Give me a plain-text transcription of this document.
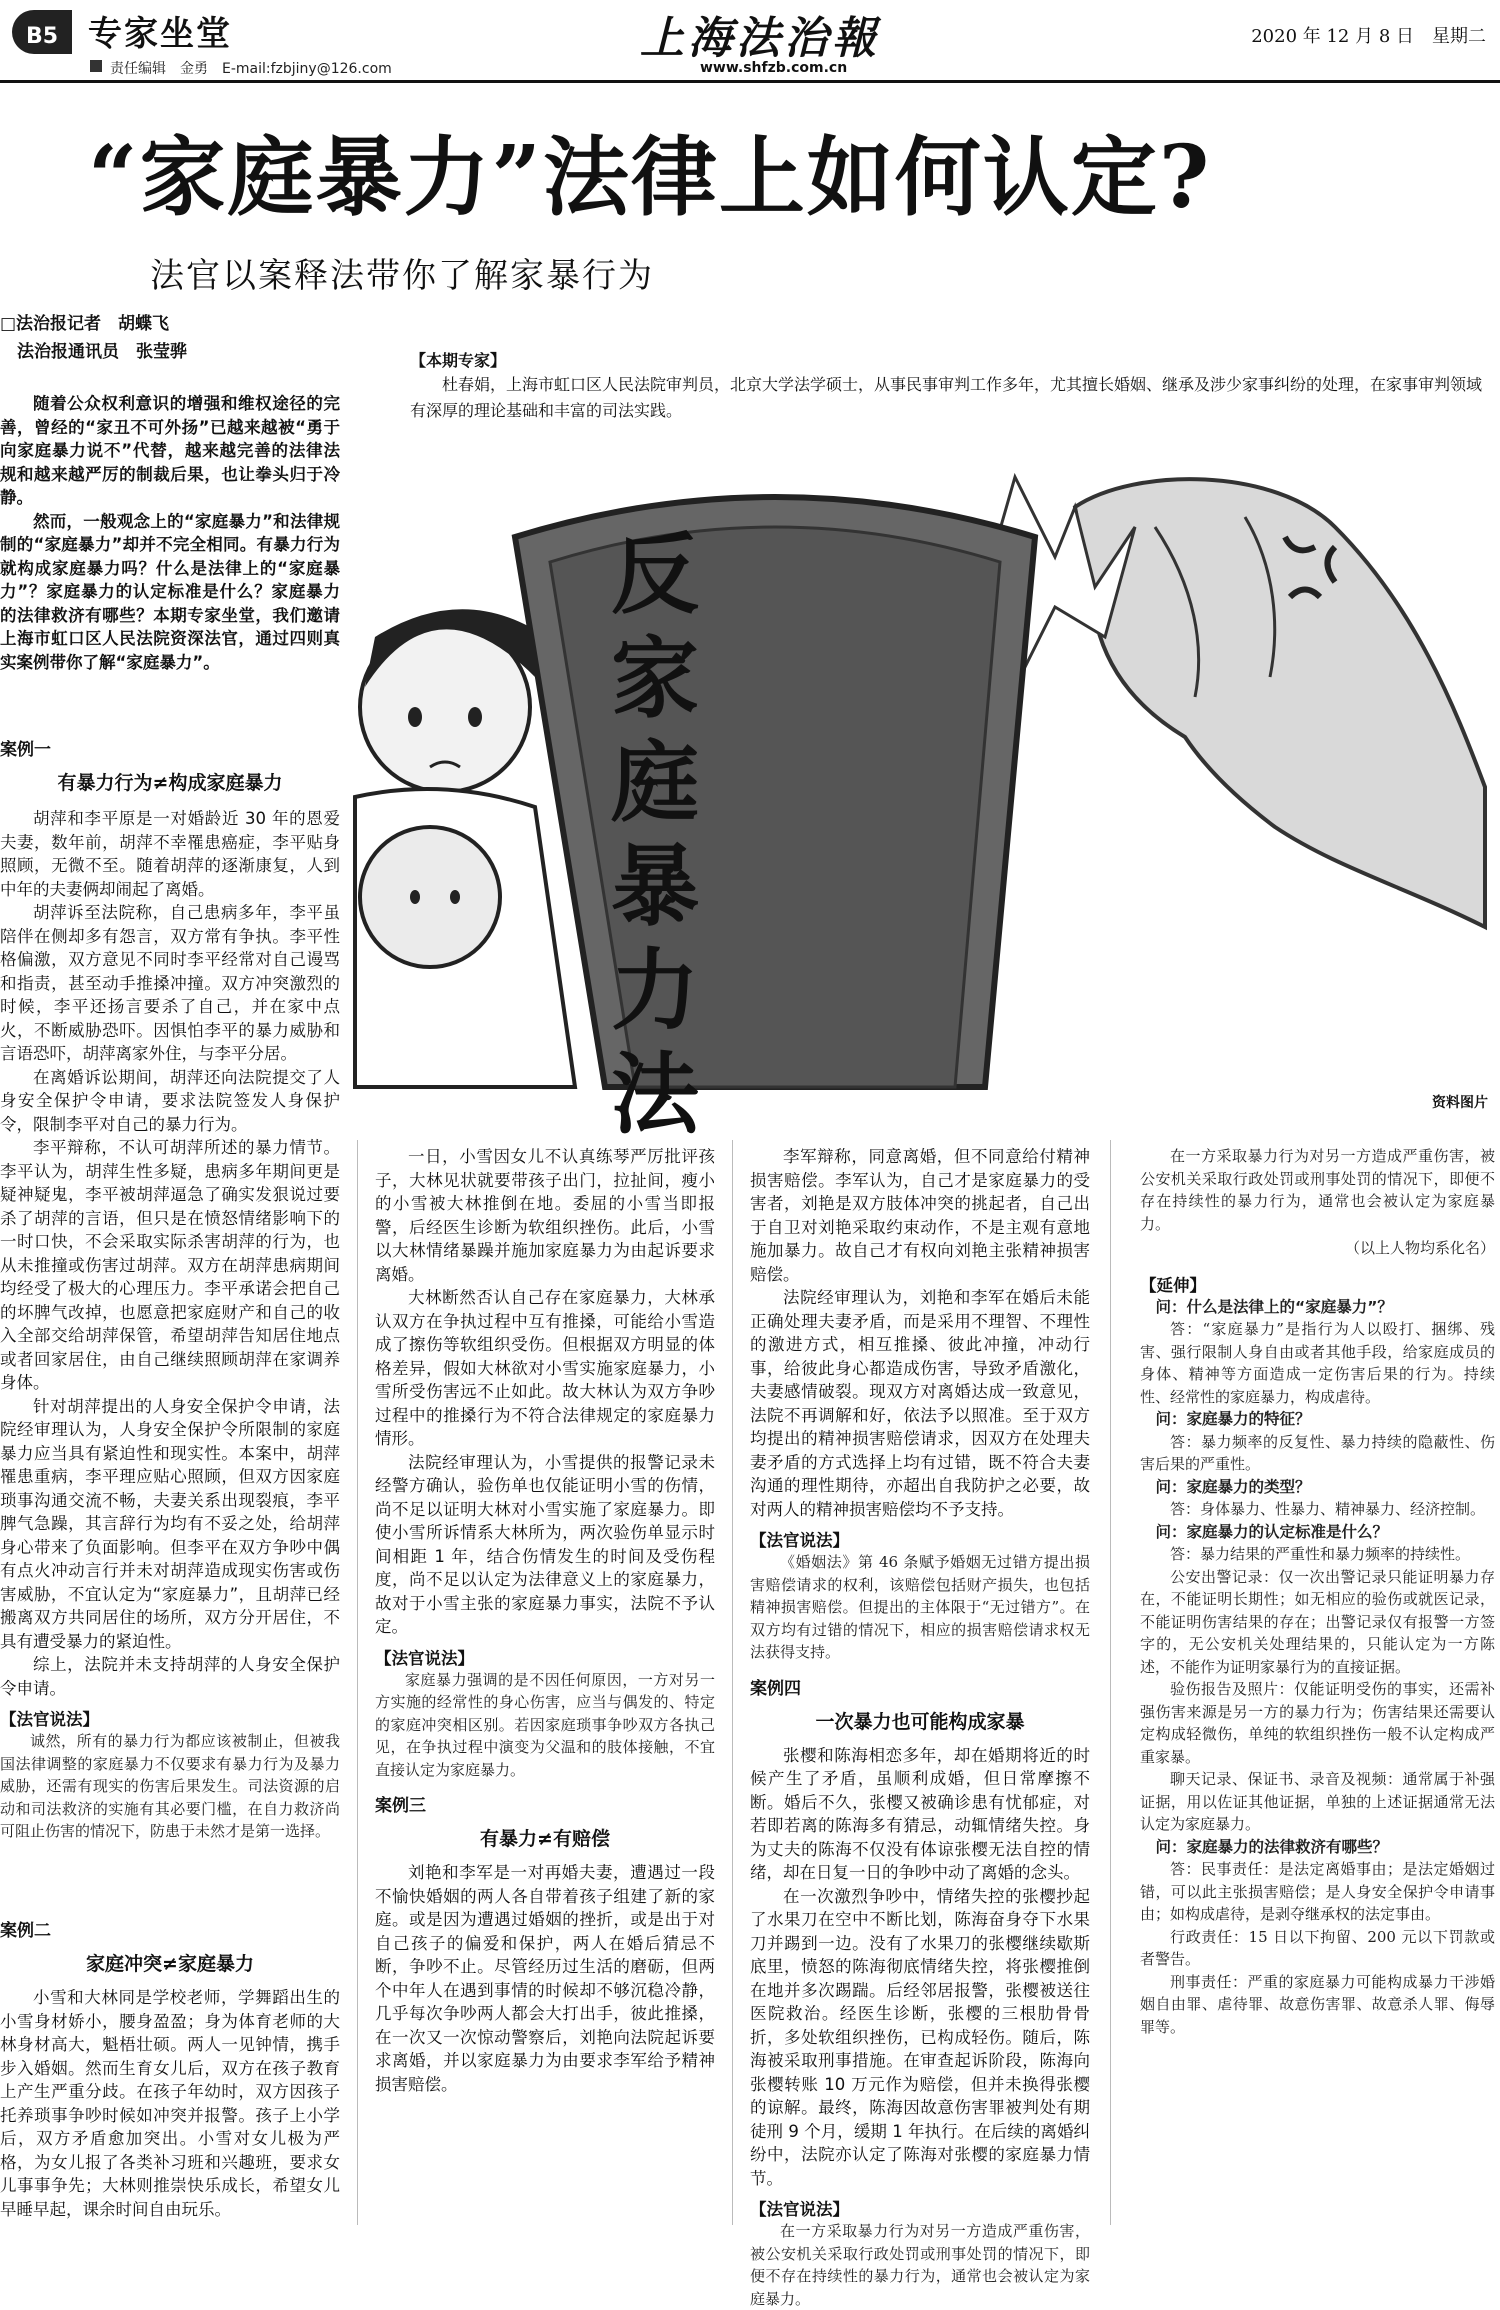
B5 专家坐堂
责任编辑　金勇　E-mail:fzbjiny@126.com
上海法治報
www.shfzb.com.cn
2020 年 12 月 8 日　星期二
“家庭暴力”法律上如何认定?
法官以案释法带你了解家暴行为
□法治报记者　胡蝶飞
　法治报通讯员　张莹骅	【本期专家】
杜春娟，上海市虹口区人民法院审判员，北京大学法学硕士，从事民事审判工作多年，尤其擅长婚姻、继承及涉少家事纠纷的处理，在家事审判领域有深厚的理论基础和丰富的司法实践。

随着公众权利意识的增强和维权途径的完善，曾经的“家丑不可外扬”已越来越被“勇于向家庭暴力说不”代替，越来越完善的法律法规和越来越严厉的制裁后果，也让拳头归于冷静。

然而，一般观念上的“家庭暴力”和法律规制的“家庭暴力”却并不完全相同。有暴力行为就构成家庭暴力吗？什么是法律上的“家庭暴力”？家庭暴力的认定标准是什么？家庭暴力的法律救济有哪些？本期专家坐堂，我们邀请上海市虹口区人民法院资深法官，通过四则真实案例带你了解“家庭暴力”。

反
家
庭
暴
力
法	资料图片
案例一
有暴力行为≠构成家庭暴力

胡萍和李平原是一对婚龄近 30 年的恩爱夫妻，数年前，胡萍不幸罹患癌症，李平贴身照顾，无微不至。随着胡萍的逐渐康复，人到中年的夫妻俩却闹起了离婚。

胡萍诉至法院称，自己患病多年，李平虽陪伴在侧却多有怨言，双方常有争执。李平性格偏激，双方意见不同时李平经常对自己谩骂和指责，甚至动手推搡冲撞。双方冲突激烈的时候，李平还扬言要杀了自己，并在家中点火，不断威胁恐吓。因惧怕李平的暴力威胁和言语恐吓，胡萍离家外住，与李平分居。

在离婚诉讼期间，胡萍还向法院提交了人身安全保护令申请，要求法院签发人身保护令，限制李平对自己的暴力行为。

李平辩称，不认可胡萍所述的暴力情节。李平认为，胡萍生性多疑，患病多年期间更是疑神疑鬼，李平被胡萍逼急了确实发狠说过要杀了胡萍的言语，但只是在愤怒情绪影响下的一时口快，不会采取实际杀害胡萍的行为，也从未推撞或伤害过胡萍。双方在胡萍患病期间均经受了极大的心理压力。李平承诺会把自己的坏脾气改掉，也愿意把家庭财产和自己的收入全部交给胡萍保管，希望胡萍告知居住地点或者回家居住，由自己继续照顾胡萍在家调养身体。

针对胡萍提出的人身安全保护令申请，法院经审理认为，人身安全保护令所限制的家庭暴力应当具有紧迫性和现实性。本案中，胡萍罹患重病，李平理应贴心照顾，但双方因家庭琐事沟通交流不畅，夫妻关系出现裂痕，李平脾气急躁，其言辞行为均有不妥之处，给胡萍身心带来了负面影响。但李平在双方争吵中偶有点火冲动言行并未对胡萍造成现实伤害或伤害威胁，不宜认定为“家庭暴力”，且胡萍已经搬离双方共同居住的场所，双方分开居住，不具有遭受暴力的紧迫性。

综上，法院并未支持胡萍的人身安全保护令申请。

【法官说法】

诚然，所有的暴力行为都应该被制止，但被我国法律调整的家庭暴力不仅要求有暴力行为及暴力威胁，还需有现实的伤害后果发生。司法资源的启动和司法救济的实施有其必要门槛，在自力救济尚可阻止伤害的情况下，防患于未然才是第一选择。

案例二
家庭冲突≠家庭暴力

小雪和大林同是学校老师，学舞蹈出生的小雪身材娇小，腰身盈盈；身为体育老师的大林身材高大，魁梧壮硕。两人一见钟情，携手步入婚姻。然而生育女儿后，双方在孩子教育上产生严重分歧。在孩子年幼时，双方因孩子托养琐事争吵时候如冲突并报警。孩子上小学后，双方矛盾愈加突出。小雪对女儿极为严格，为女儿报了各类补习班和兴趣班，要求女儿事事争先；大林则推崇快乐成长，希望女儿早睡早起，课余时间自由玩乐。

一日，小雪因女儿不认真练琴严厉批评孩子，大林见状就要带孩子出门，拉扯间，瘦小的小雪被大林推倒在地。委屈的小雪当即报警，后经医生诊断为软组织挫伤。此后，小雪以大林情绪暴躁并施加家庭暴力为由起诉要求离婚。

大林断然否认自己存在家庭暴力，大林承认双方在争执过程中互有推搡，可能给小雪造成了擦伤等软组织受伤。但根据双方明显的体格差异，假如大林欲对小雪实施家庭暴力，小雪所受伤害远不止如此。故大林认为双方争吵过程中的推搡行为不符合法律规定的家庭暴力情形。

法院经审理认为，小雪提供的报警记录未经警方确认，验伤单也仅能证明小雪的伤情，尚不足以证明大林对小雪实施了家庭暴力。即使小雪所诉情系大林所为，两次验伤单显示时间相距 1 年，结合伤情发生的时间及受伤程度，尚不足以认定为法律意义上的家庭暴力，故对于小雪主张的家庭暴力事实，法院不予认定。

【法官说法】

家庭暴力强调的是不因任何原因，一方对另一方实施的经常性的身心伤害，应当与偶发的、特定的家庭冲突相区别。若因家庭琐事争吵双方各执己见，在争执过程中演变为父温和的肢体接触，不宜直接认定为家庭暴力。

案例三
有暴力≠有赔偿

刘艳和李军是一对再婚夫妻，遭遇过一段不愉快婚姻的两人各自带着孩子组建了新的家庭。或是因为遭遇过婚姻的挫折，或是出于对自己孩子的偏爱和保护，两人在婚后猜忌不断，争吵不止。尽管经历过生活的磨砺，但两个中年人在遇到事情的时候却不够沉稳冷静，几乎每次争吵两人都会大打出手，彼此推搡，在一次又一次惊动警察后，刘艳向法院起诉要求离婚，并以家庭暴力为由要求李军给予精神损害赔偿。

李军辩称，同意离婚，但不同意给付精神损害赔偿。李军认为，自己才是家庭暴力的受害者，刘艳是双方肢体冲突的挑起者，自己出于自卫对刘艳采取约束动作，不是主观有意地施加暴力。故自己才有权向刘艳主张精神损害赔偿。

法院经审理认为，刘艳和李军在婚后未能正确处理夫妻矛盾，而是采用不理智、不理性的激进方式，相互推搡、彼此冲撞，冲动行事，给彼此身心都造成伤害，导致矛盾激化，夫妻感情破裂。现双方对离婚达成一致意见，法院不再调解和好，依法予以照准。至于双方均提出的精神损害赔偿请求，因双方在处理夫妻矛盾的方式选择上均有过错，既不符合夫妻沟通的理性期待，亦超出自我防护之必要，故对两人的精神损害赔偿均不予支持。

【法官说法】

《婚姻法》第 46 条赋予婚姻无过错方提出损害赔偿请求的权利，该赔偿包括财产损失，也包括精神损害赔偿。但提出的主体限于“无过错方”。在双方均有过错的情况下，相应的损害赔偿请求权无法获得支持。

案例四
一次暴力也可能构成家暴

张樱和陈海相恋多年，却在婚期将近的时候产生了矛盾，虽顺利成婚，但日常摩擦不断。婚后不久，张樱又被确诊患有忧郁症，对若即若离的陈海多有猜忌，动辄情绪失控。身为丈夫的陈海不仅没有体谅张樱无法自控的情绪，却在日复一日的争吵中动了离婚的念头。

在一次激烈争吵中，情绪失控的张樱抄起了水果刀在空中不断比划，陈海奋身夺下水果刀并踢到一边。没有了水果刀的张樱继续歇斯底里，愤怒的陈海彻底情绪失控，将张樱推倒在地并多次踢踹。后经邻居报警，张樱被送往医院救治。经医生诊断，张樱的三根肋骨骨折，多处软组织挫伤，已构成轻伤。随后，陈海被采取刑事措施。在审查起诉阶段，陈海向张樱转账 10 万元作为赔偿，但并未换得张樱的谅解。最终，陈海因故意伤害罪被判处有期徒刑 9 个月，缓期 1 年执行。在后续的离婚纠纷中，法院亦认定了陈海对张樱的家庭暴力情节。

【法官说法】

在一方采取暴力行为对另一方造成严重伤害，被公安机关采取行政处罚或刑事处罚的情况下，即便不存在持续性的暴力行为，通常也会被认定为家庭暴力。

在一方采取暴力行为对另一方造成严重伤害，被公安机关采取行政处罚或刑事处罚的情况下，即便不存在持续性的暴力行为，通常也会被认定为家庭暴力。

（以上人物均系化名）
【延伸】
问：什么是法律上的“家庭暴力”？

答：“家庭暴力”是指行为人以殴打、捆绑、残害、强行限制人身自由或者其他手段，给家庭成员的身体、精神等方面造成一定伤害后果的行为。持续性、经常性的家庭暴力，构成虐待。

问：家庭暴力的特征？

答：暴力频率的反复性、暴力持续的隐蔽性、伤害后果的严重性。

问：家庭暴力的类型？

答：身体暴力、性暴力、精神暴力、经济控制。

问：家庭暴力的认定标准是什么？

答：暴力结果的严重性和暴力频率的持续性。

公安出警记录：仅一次出警记录只能证明暴力存在，不能证明长期性；如无相应的验伤或就医记录，不能证明伤害结果的存在；出警记录仅有报警一方签字的，无公安机关处理结果的，只能认定为一方陈述，不能作为证明家暴行为的直接证据。

验伤报告及照片：仅能证明受伤的事实，还需补强伤害来源是另一方的暴力行为；伤害结果还需要认定构成轻微伤，单纯的软组织挫伤一般不认定构成严重家暴。

聊天记录、保证书、录音及视频：通常属于补强证据，用以佐证其他证据，单独的上述证据通常无法认定为家庭暴力。

问：家庭暴力的法律救济有哪些？

答：民事责任：是法定离婚事由；是法定婚姻过错，可以此主张损害赔偿；是人身安全保护令申请事由；如构成虐待，是剥夺继承权的法定事由。

行政责任：15 日以下拘留、200 元以下罚款或者警告。

刑事责任：严重的家庭暴力可能构成暴力干涉婚姻自由罪、虐待罪、故意伤害罪、故意杀人罪、侮辱罪等。
